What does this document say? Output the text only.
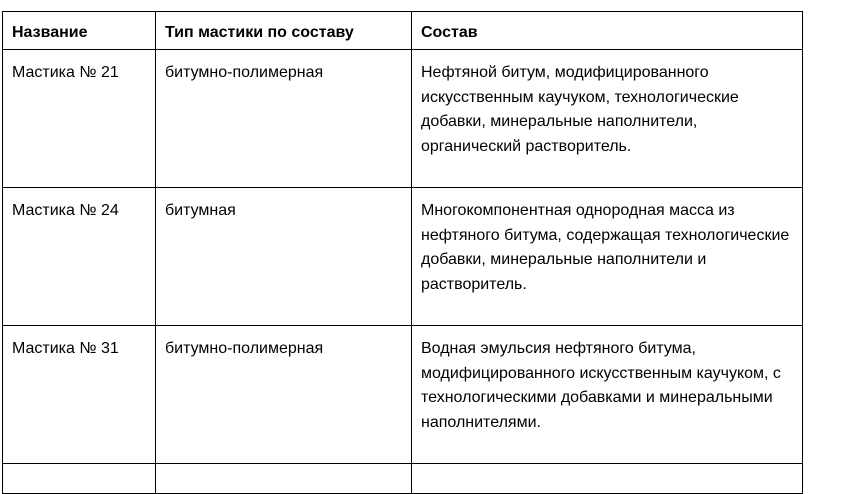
Название	Тип мастики по составу	Состав
Мастика № 21	битумно-полимерная	Нефтяной битум, модифицированного искусственным каучуком, технологические добавки, минеральные наполнители, органический растворитель.
Мастика № 24	битумная	Многокомпонентная однородная масса из нефтяного битума, содержащая технологические добавки, минеральные наполнители и растворитель.
Мастика № 31	битумно-полимерная	Водная эмульсия нефтяного битума, модифицированного искусственным каучуком, с технологическими добавками и минеральными наполнителями.
